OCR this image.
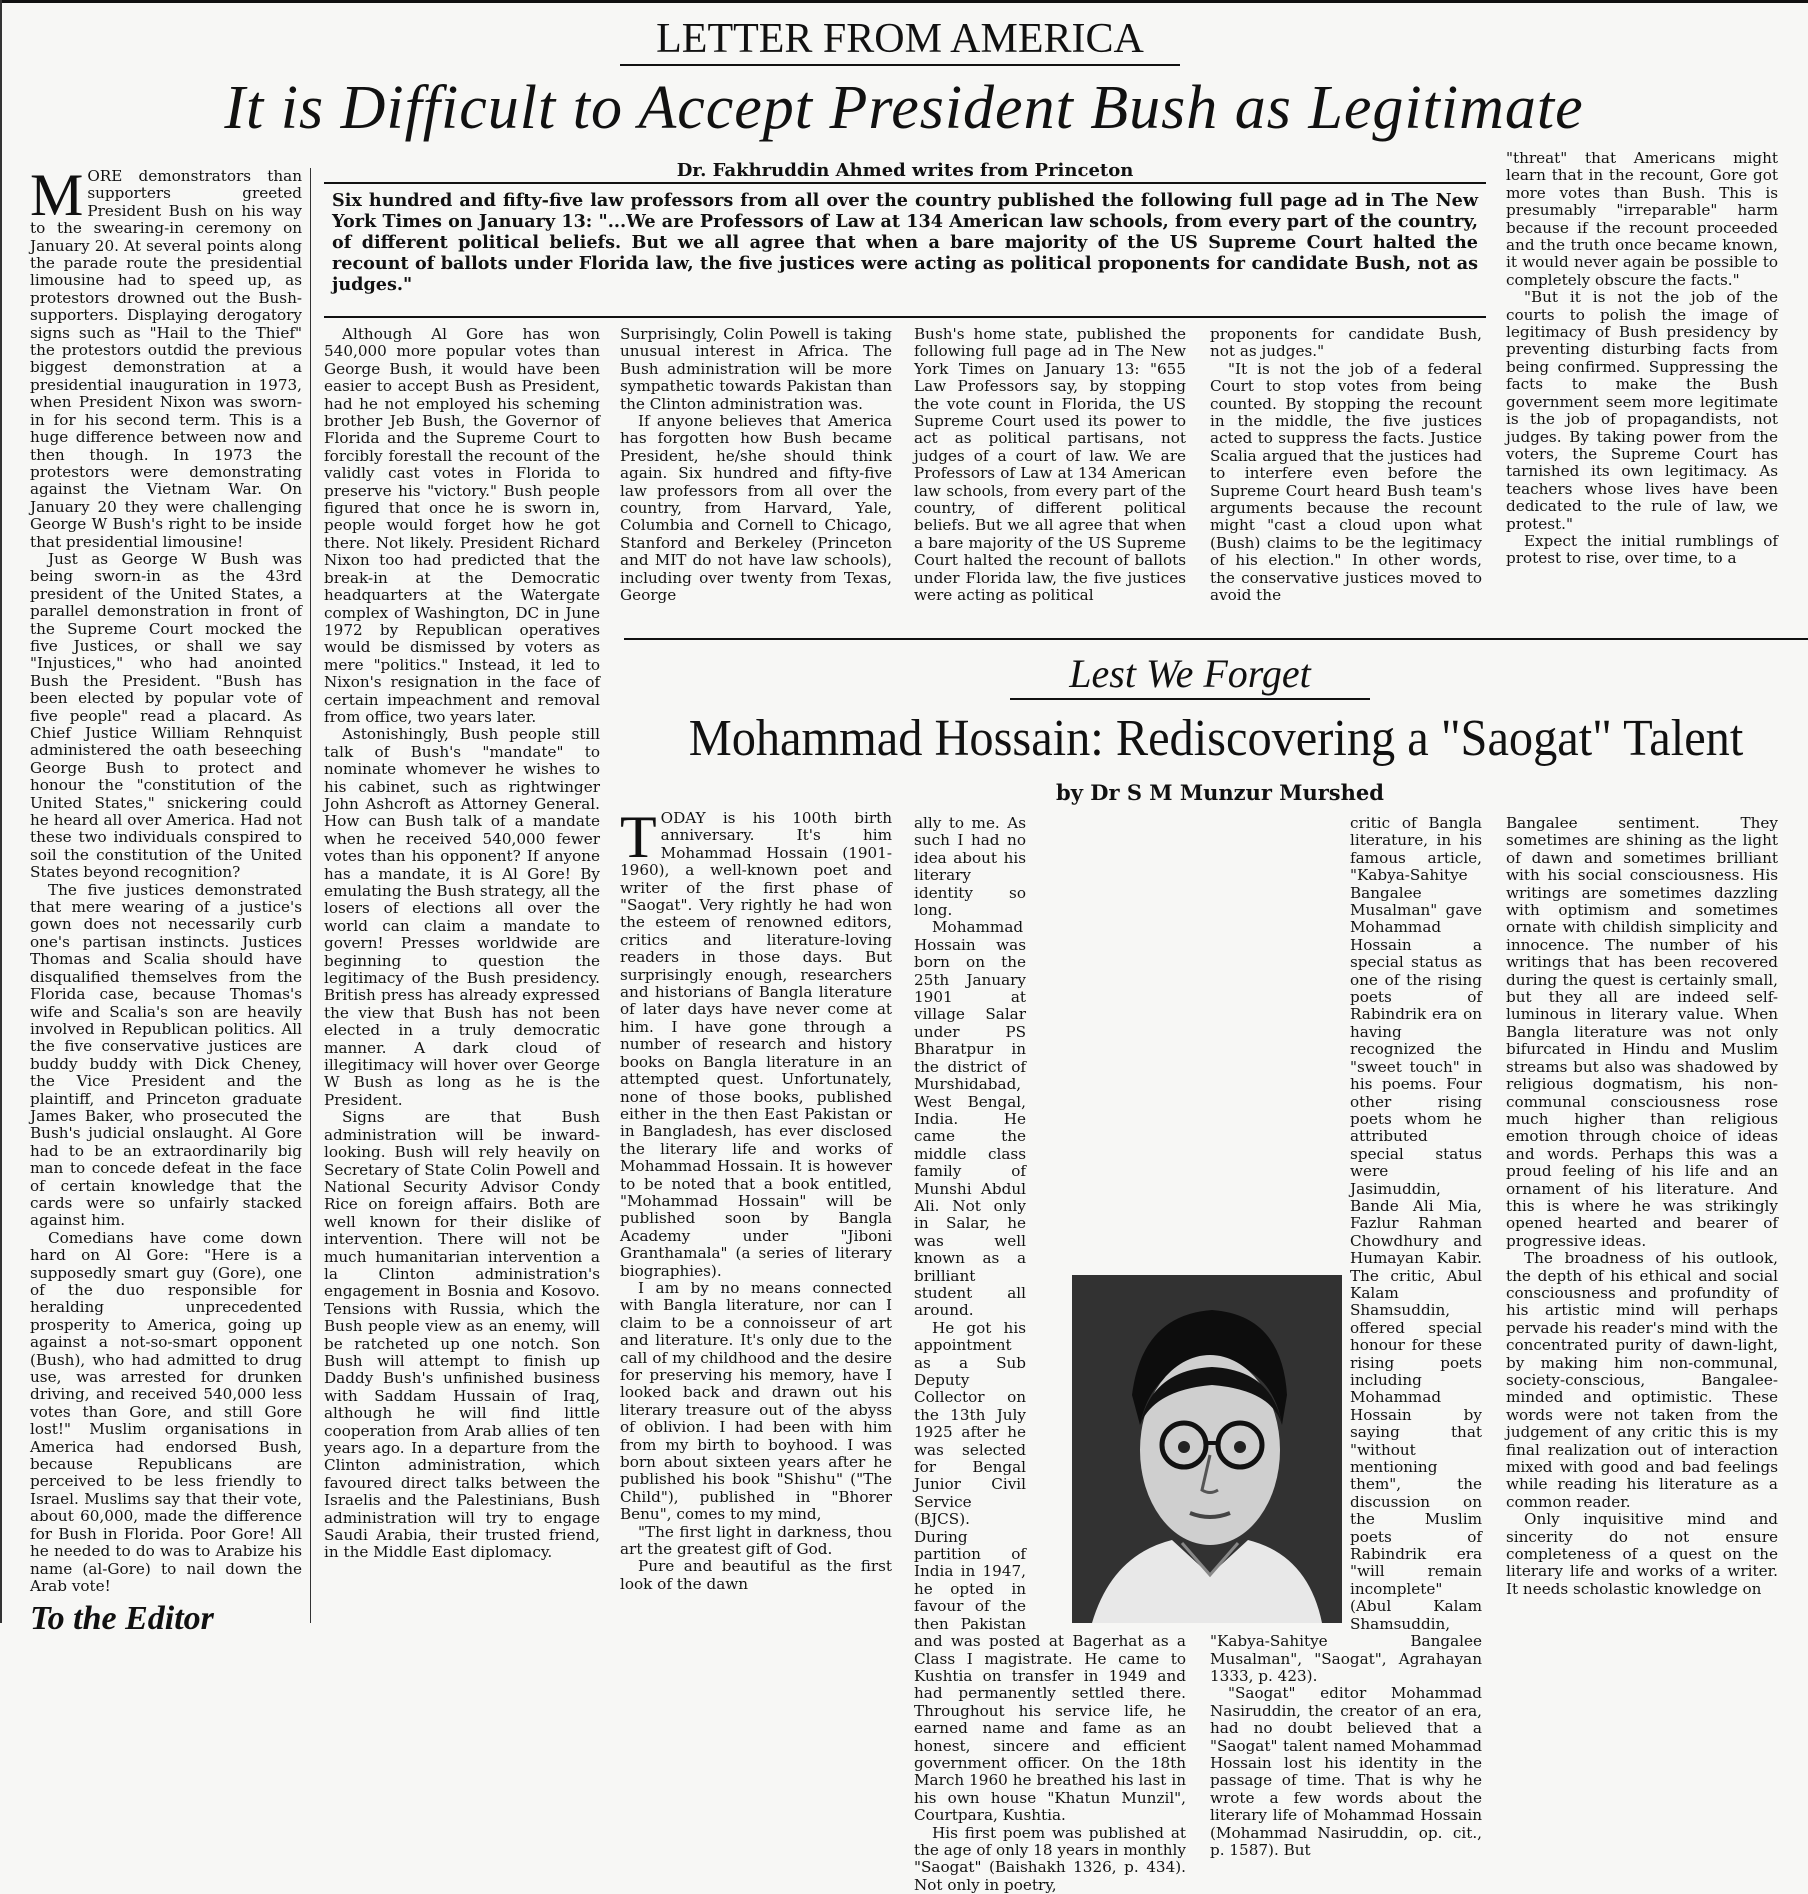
LETTER FROM AMERICA
It is Difficult to Accept President Bush as Legitimate
Dr. Fakhruddin Ahmed writes from Princeton
Six hundred and fifty-five law professors from all over the country published the following full page ad in The New York Times on January 13: "...We are Professors of Law at 134 American law schools, from every part of the country, of different political beliefs. But we all agree that when a bare majority of the US Supreme Court halted the recount of ballots under Florida law, the five justices were acting as political proponents for candidate Bush, not as judges."

MORE demonstrators than supporters greeted President Bush on his way to the swearing-in ceremony on January 20. At several points along the parade route the presidential limousine had to speed up, as protestors drowned out the Bush-supporters. Displaying derogatory signs such as "Hail to the Thief" the protestors outdid the previous biggest demonstration at a presidential inauguration in 1973, when President Nixon was sworn-in for his second term. This is a huge difference between now and then though. In 1973 the protestors were demonstrating against the Vietnam War. On January 20 they were challenging George W Bush's right to be inside that presidential limousine!

Just as George W Bush was being sworn-in as the 43rd president of the United States, a parallel demonstration in front of the Supreme Court mocked the five Justices, or shall we say "Injustices," who had anointed Bush the President. "Bush has been elected by popular vote of five people" read a placard. As Chief Justice William Rehnquist administered the oath beseeching George Bush to protect and honour the "constitution of the United States," snickering could he heard all over America. Had not these two individuals conspired to soil the constitution of the United States beyond recognition?

The five justices demonstrated that mere wearing of a justice's gown does not necessarily curb one's partisan instincts. Justices Thomas and Scalia should have disqualified themselves from the Florida case, because Thomas's wife and Scalia's son are heavily involved in Republican politics. All the five conservative justices are buddy buddy with Dick Cheney, the Vice President and the plaintiff, and Princeton graduate James Baker, who prosecuted the Bush's judicial onslaught. Al Gore had to be an extraordinarily big man to concede defeat in the face of certain knowledge that the cards were so unfairly stacked against him.

Comedians have come down hard on Al Gore: "Here is a supposedly smart guy (Gore), one of the duo responsible for heralding unprecedented prosperity to America, going up against a not-so-smart opponent (Bush), who had admitted to drug use, was arrested for drunken driving, and received 540,000 less votes than Gore, and still Gore lost!" Muslim organisations in America had endorsed Bush, because Republicans are perceived to be less friendly to Israel. Muslims say that their vote, about 60,000, made the difference for Bush in Florida. Poor Gore! All he needed to do was to Arabize his name (al-Gore) to nail down the Arab vote!

Although Al Gore has won 540,000 more popular votes than George Bush, it would have been easier to accept Bush as President, had he not employed his scheming brother Jeb Bush, the Governor of Florida and the Supreme Court to forcibly forestall the recount of the validly cast votes in Florida to preserve his "victory." Bush people figured that once he is sworn in, people would forget how he got there. Not likely. President Richard Nixon too had predicted that the break-in at the Democratic headquarters at the Watergate complex of Washington, DC in June 1972 by Republican operatives would be dismissed by voters as mere "politics." Instead, it led to Nixon's resignation in the face of certain impeachment and removal from office, two years later.

Astonishingly, Bush people still talk of Bush's "mandate" to nominate whomever he wishes to his cabinet, such as rightwinger John Ashcroft as Attorney General. How can Bush talk of a mandate when he received 540,000 fewer votes than his opponent? If anyone has a mandate, it is Al Gore! By emulating the Bush strategy, all the losers of elections all over the world can claim a mandate to govern! Presses worldwide are beginning to question the legitimacy of the Bush presidency. British press has already expressed the view that Bush has not been elected in a truly democratic manner. A dark cloud of illegitimacy will hover over George W Bush as long as he is the President.

Signs are that Bush administration will be inward-looking. Bush will rely heavily on Secretary of State Colin Powell and National Security Advisor Condy Rice on foreign affairs. Both are well known for their dislike of intervention. There will not be much humanitarian intervention a la Clinton administration's engagement in Bosnia and Kosovo. Tensions with Russia, which the Bush people view as an enemy, will be ratcheted up one notch. Son Bush will attempt to finish up Daddy Bush's unfinished business with Saddam Hussain of Iraq, although he will find little cooperation from Arab allies of ten years ago. In a departure from the Clinton administration, which favoured direct talks between the Israelis and the Palestinians, Bush administration will try to engage Saudi Arabia, their trusted friend, in the Middle East diplomacy.

Surprisingly, Colin Powell is taking unusual interest in Africa. The Bush administration will be more sympathetic towards Pakistan than the Clinton administration was.

If anyone believes that America has forgotten how Bush became President, he/she should think again. Six hundred and fifty-five law professors from all over the country, from Harvard, Yale, Columbia and Cornell to Chicago, Stanford and Berkeley (Princeton and MIT do not have law schools), including over twenty from Texas, George

Bush's home state, published the following full page ad in The New York Times on January 13: "655 Law Professors say, by stopping the vote count in Florida, the US Supreme Court used its power to act as political partisans, not judges of a court of law. We are Professors of Law at 134 American law schools, from every part of the country, of different political beliefs. But we all agree that when a bare majority of the US Supreme Court halted the recount of ballots under Florida law, the five justices were acting as political

proponents for candidate Bush, not as judges."

"It is not the job of a federal Court to stop votes from being counted. By stopping the recount in the middle, the five justices acted to suppress the facts. Justice Scalia argued that the justices had to interfere even before the Supreme Court heard Bush team's arguments because the recount might "cast a cloud upon what (Bush) claims to be the legitimacy of his election." In other words, the conservative justices moved to avoid the

"threat" that Americans might learn that in the recount, Gore got more votes than Bush. This is presumably "irreparable" harm because if the recount proceeded and the truth once became known, it would never again be possible to completely obscure the facts."

"But it is not the job of the courts to polish the image of legitimacy of Bush presidency by preventing disturbing facts from being confirmed. Suppressing the facts to make the Bush government seem more legitimate is the job of propagandists, not judges. By taking power from the voters, the Supreme Court has tarnished its own legitimacy. As teachers whose lives have been dedicated to the rule of law, we protest."

Expect the initial rumblings of protest to rise, over time, to a

Lest We Forget
Mohammad Hossain: Rediscovering a "Saogat" Talent
by Dr S M Munzur Murshed

TODAY is his 100th birth anniversary. It's him Mohammad Hossain (1901-1960), a well-known poet and writer of the first phase of "Saogat". Very rightly he had won the esteem of renowned editors, critics and literature-loving readers in those days. But surprisingly enough, researchers and historians of Bangla literature of later days have never come at him. I have gone through a number of research and history books on Bangla literature in an attempted quest. Unfortunately, none of those books, published either in the then East Pakistan or in Bangladesh, has ever disclosed the literary life and works of Mohammad Hossain. It is however to be noted that a book entitled, "Mohammad Hossain" will be published soon by Bangla Academy under "Jiboni Granthamala" (a series of literary biographies).

I am by no means connected with Bangla literature, nor can I claim to be a connoisseur of art and literature. It's only due to the call of my childhood and the desire for preserving his memory, have I looked back and drawn out his literary treasure out of the abyss of oblivion. I had been with him from my birth to boyhood. I was born about sixteen years after he published his book "Shishu" ("The Child"), published in "Bhorer Benu", comes to my mind,

"The first light in darkness, thou art the greatest gift of God.

Pure and beautiful as the first look of the dawn

ally to me. As such I had no idea about his literary identity so long.

Mohammad Hossain was born on the 25th January 1901 at village Salar under PS Bharatpur in the district of Murshidabad, West Bengal, India. He came the middle class family of Munshi Abdul Ali. Not only in Salar, he was well known as a brilliant student all around.

He got his appointment as a Sub Deputy Collector on the 13th July 1925 after he was selected for Bengal Junior Civil Service (BJCS). During partition of India in 1947, he opted in favour of the then Pakistan and was posted at Bagerhat as a Class I magistrate. He came to Kushtia on transfer in 1949 and had permanently settled there. Throughout his service life, he earned name and fame as an honest, sincere and efficient government officer. On the 18th March 1960 he breathed his last in his own house "Khatun Munzil", Courtpara, Kushtia.

His first poem was published at the age of only 18 years in monthly "Saogat" (Baishakh 1326, p. 434). Not only in poetry,

critic of Bangla literature, in his famous article, "Kabya-Sahitye Bangalee Musalman" gave Mohammad Hossain a special status as one of the rising poets of Rabindrik era on having recognized the "sweet touch" in his poems. Four other rising poets whom he attributed special status were Jasimuddin, Bande Ali Mia, Fazlur Rahman Chowdhury and Humayan Kabir. The critic, Abul Kalam Shamsuddin, offered special honour for these rising poets including Mohammad Hossain by saying that "without mentioning them", the discussion on the Muslim poets of Rabindrik era "will remain incomplete" (Abul Kalam Shamsuddin, "Kabya-Sahitye Bangalee Musalman", "Saogat", Agrahayan 1333, p. 423).

"Saogat" editor Mohammad Nasiruddin, the creator of an era, had no doubt believed that a "Saogat" talent named Mohammad Hossain lost his identity in the passage of time. That is why he wrote a few words about the literary life of Mohammad Hossain (Mohammad Nasiruddin, op. cit., p. 1587). But

Bangalee sentiment. They sometimes are shining as the light of dawn and sometimes brilliant with his social consciousness. His writings are sometimes dazzling with optimism and sometimes ornate with childish simplicity and innocence. The number of his writings that has been recovered during the quest is certainly small, but they all are indeed self-luminous in literary value. When Bangla literature was not only bifurcated in Hindu and Muslim streams but also was shadowed by religious dogmatism, his non-communal consciousness rose much higher than religious emotion through choice of ideas and words. Perhaps this was a proud feeling of his life and an ornament of his literature. And this is where he was strikingly opened hearted and bearer of progressive ideas.

The broadness of his outlook, the depth of his ethical and social consciousness and profundity of his artistic mind will perhaps pervade his reader's mind with the concentrated purity of dawn-light, by making him non-communal, society-conscious, Bangalee-minded and optimistic. These words were not taken from the judgement of any critic this is my final realization out of interaction mixed with good and bad feelings while reading his literature as a common reader.

Only inquisitive mind and sincerity do not ensure completeness of a quest on the literary life and works of a writer. It needs scholastic knowledge on

To the Editor
